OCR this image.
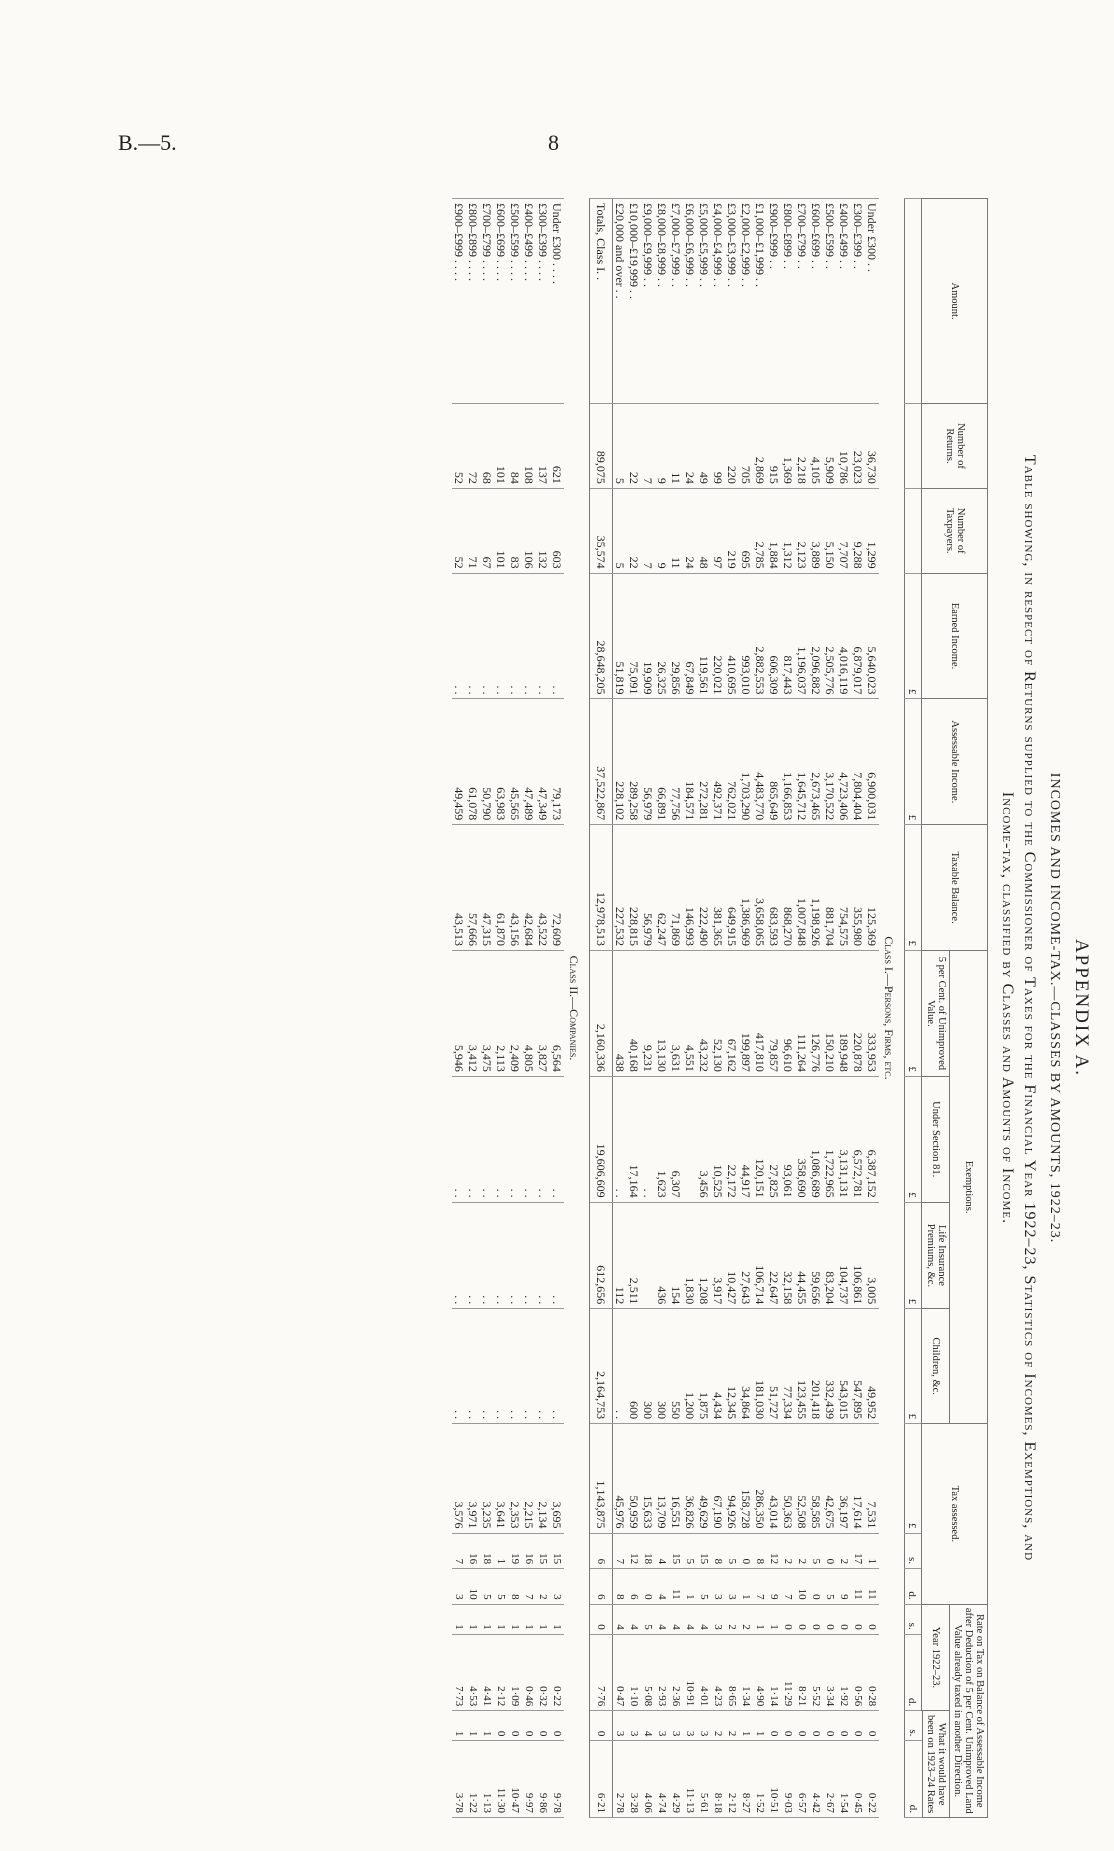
B.—5.	8
APPENDIX A.
INCOMES AND INCOME-TAX.—CLASSES BY AMOUNTS, 1922–23.
Table showing, in respect of Returns supplied to the Commissioner of Taxes for the Financial Year 1922–23, Statistics of Incomes, Exemptions, and
Income-tax, classified by Classes and Amounts of Income.
Amount.	Number of Returns.	Number of Taxpayers.	Earned Income.	Assessable Income.	Taxable Balance.	Exemptions.				Tax assessed.			Rate on Tax on Balance of Assessable Income after Deduction of 5 per Cent. Unimproved Land Value already taxed in another Direction.			
						5 per Cent. of Unimproved Value.	Under Section 81.	Life Insurance Premiums, &c.	Children, &c.				Year 1922–23.		What it would have been on 1923–24 Rates	

			£	£	£	£	£	£	£	£	s.	d.	s.	d.	s.	d.
Class I.—Persons, Firms, etc.																
Under £300 . .	36,730	1,299	5,640,023	6,900,031	125,369	333,953	6,387,152	3,005	49,952	7,531	1	11	0	0·28	0	0·22
£300–£399 . .	23,023	9,288	6,879,017	7,804,404	355,980	220,878	6,572,781	106,861	547,895	17,614	17	11	0	0·56	0	0·45
£400–£499 . .	10,786	7,707	4,016,119	4,723,406	754,575	189,948	3,131,131	104,737	543,015	36,197	2	9	0	1·92	0	1·54
£500–£599 . .	5,909	5,150	2,505,776	3,170,522	881,704	150,210	1,722,965	83,204	332,439	42,675	0	5	0	3·34	0	2·67
£600–£699 . .	4,105	3,889	2,096,882	2,673,465	1,198,926	126,776	1,086,689	59,656	201,418	58,585	5	0	0	5·52	0	4·42
£700–£799 . .	2,218	2,123	1,196,037	1,645,712	1,007,848	111,264	358,690	44,455	123,455	52,508	2	10	0	8·21	0	6·57
£800–£899 . .	1,369	1,312	817,443	1,166,853	868,270	96,610	93,061	32,158	77,334	50,363	2	7	0	11·29	0	9·03
£900–£999 . .	915	1,884	606,309	865,649	683,593	79,857	27,825	22,647	51,727	43,014	12	9	1	1·14	0	10·51
£1,000–£1,999 . .	2,869	2,785	2,882,553	4,483,770	3,658,065	417,810	120,151	106,714	181,030	286,350	8	7	1	4·90	1	1·52
£2,000–£2,999 . .	705	695	993,010	1,703,290	1,386,969	199,897	44,917	27,643	34,864	158,728	0	1	2	1·34	1	8·27
£3,000–£3,999 . .	220	219	410,695	762,021	649,915	67,162	22,172	10,427	12,345	94,926	5	3	2	8·65	2	2·12
£4,000–£4,999 . .	99	97	220,021	492,371	381,365	52,130	10,525	3,917	4,434	67,190	8	3	3	4·23	2	8·18
£5,000–£5,999 . .	49	48	119,561	272,281	222,490	43,232	3,456	1,208	1,875	49,629	15	5	4	4·01	3	5·61
£6,000–£6,999 . .	24	24	67,849	184,571	146,993	4,551		1,830	1,200	36,826	5	1	4	10·91	3	11·13
£7,000–£7,999 . .	11	11	29,856	77,756	71,869	3,631	6,307	154	550	16,551	15	11	4	2·36	3	4·29
£8,000–£8,999 . .	9	9	26,325	66,891	62,247	13,130	1,623	436	300	13,709	4	4	4	2·93	3	4·74
£9,000–£9,999 . .	7	7	19,909	56,979	56,979	9,231	. .		300	15,633	18	0	5	5·08	4	4·06
£10,000–£19,999 . .	22	22	75,091	289,258	228,815	40,168	17,164	2,511	600	50,959	12	6	4	1·10	3	3·28
£20,000 and over . .	5	5	51,819	228,102	227,532	438	. .	112	. .	45,976	7	8	4	0·47	3	2·78
Totals, Class I. .	89,075	35,574	28,648,205	37,522,867	12,978,513	2,160,336	19,606,609	612,656	2,164,753	1,143,875	6	6	0	7·76	0	6·21
Class II.—Companies.																
Under £300 . . . .	621	603	. .	79,173	72,609	6,564	. .	. .	. .	3,695	15	3	1	0·22	0	9·78
£300–£399 . . . .	137	132	. .	47,349	43,522	3,827	. .	. .	. .	2,134	15	2	1	0·32	0	9·86
£400–£499 . . . .	108	106	. .	47,489	42,684	4,805	. .	. .	. .	2,215	16	7	1	0·46	0	9·97
£500–£599 . . . .	84	83	. .	45,565	43,156	2,409	. .	. .	. .	2,353	19	8	1	1·09	0	10·47
£600–£699 . . . .	101	101	. .	63,983	61,870	2,113	. .	. .	. .	3,641	1	5	1	2·12	0	11·30
£700–£799 . . . .	68	67	. .	50,790	47,315	3,475	. .	. .	. .	3,235	18	5	1	4·41	1	1·13
£800–£899 . . . .	72	71	. .	61,078	57,666	3,412	. .	. .	. .	3,971	16	10	1	4·53	1	1·22
£900–£999 . . . .	52	52	. .	49,459	43,513	5,946	. .	. .	. .	3,576	7	3	1	7·73	1	3·78
